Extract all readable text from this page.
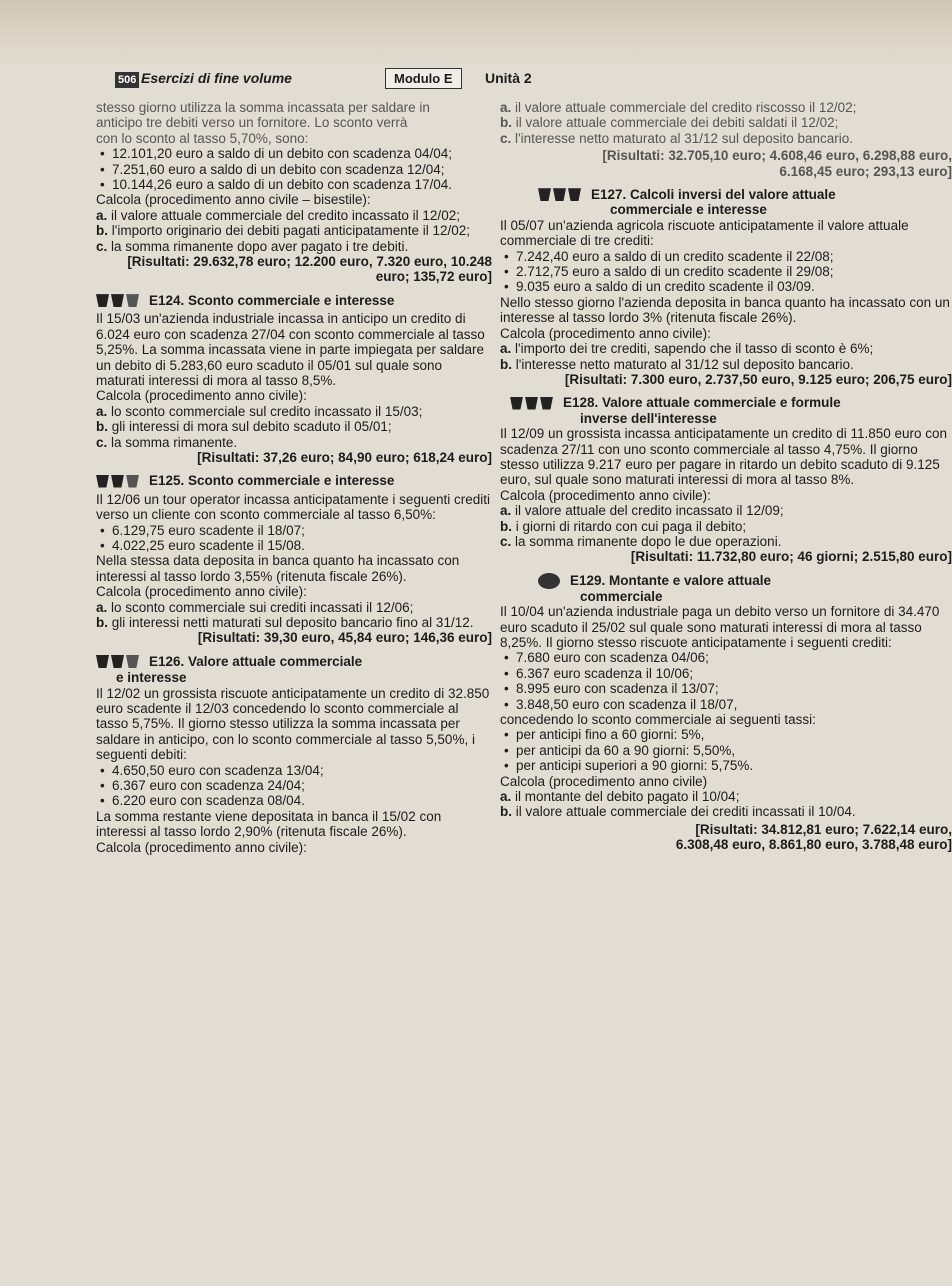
506 Esercizi di fine volume	Modulo E	Unità 2

stesso giorno utilizza la somma incassata per saldare in

anticipo tre debiti verso un fornitore. Lo sconto verrà

con lo sconto al tasso 5,70%, sono:

• 12.101,20 euro a saldo di un debito con scadenza 04/04;
• 7.251,60 euro a saldo di un debito con scadenza 12/04;
• 10.144,26 euro a saldo di un debito con scadenza 17/04.

Calcola (procedimento anno civile – bisestile):

a. il valore attuale commerciale del credito incassato il 12/02;

b. l'importo originario dei debiti pagati anticipatamente il 12/02;

c. la somma rimanente dopo aver pagato i tre debiti.

[Risultati: 29.632,78 euro; 12.200 euro, 7.320 euro, 10.248 euro; 135,72 euro]

E124. Sconto commerciale e interesse

Il 15/03 un'azienda industriale incassa in anticipo un credito di 6.024 euro con scadenza 27/04 con sconto commerciale al tasso 5,25%. La somma incassata viene in parte impiegata per saldare un debito di 5.283,60 euro scaduto il 05/01 sul quale sono maturati interessi di mora al tasso 8,5%.

Calcola (procedimento anno civile):

a. lo sconto commerciale sul credito incassato il 15/03;

b. gli interessi di mora sul debito scaduto il 05/01;

c. la somma rimanente.

[Risultati: 37,26 euro; 84,90 euro; 618,24 euro]

E125. Sconto commerciale e interesse

Il 12/06 un tour operator incassa anticipatamente i seguenti crediti verso un cliente con sconto commerciale al tasso 6,50%:

• 6.129,75 euro scadente il 18/07;
• 4.022,25 euro scadente il 15/08.

Nella stessa data deposita in banca quanto ha incassato con interessi al tasso lordo 3,55% (ritenuta fiscale 26%).

Calcola (procedimento anno civile):

a. lo sconto commerciale sui crediti incassati il 12/06;

b. gli interessi netti maturati sul deposito bancario fino al 31/12.

[Risultati: 39,30 euro, 45,84 euro; 146,36 euro]

E126. Valore attuale commerciale

e interesse

Il 12/02 un grossista riscuote anticipatamente un credito di 32.850 euro scadente il 12/03 concedendo lo sconto commerciale al tasso 5,75%. Il giorno stesso utilizza la somma incassata per saldare in anticipo, con lo sconto commerciale al tasso 5,50%, i seguenti debiti:

• 4.650,50 euro con scadenza 13/04;
• 6.367 euro con scadenza 24/04;
• 6.220 euro con scadenza 08/04.

La somma restante viene depositata in banca il 15/02 con interessi al tasso lordo 2,90% (ritenuta fiscale 26%).

Calcola (procedimento anno civile):

a. il valore attuale commerciale del credito riscosso il 12/02;

b. il valore attuale commerciale dei debiti saldati il 12/02;

c. l'interesse netto maturato al 31/12 sul deposito bancario.

[Risultati: 32.705,10 euro; 4.608,46 euro, 6.298,88 euro,

6.168,45 euro; 293,13 euro]

E127. Calcoli inversi del valore attuale

commerciale e interesse

Il 05/07 un'azienda agricola riscuote anticipatamente il valore attuale commerciale di tre crediti:

• 7.242,40 euro a saldo di un credito scadente il 22/08;
• 2.712,75 euro a saldo di un credito scadente il 29/08;
• 9.035 euro a saldo di un credito scadente il 03/09.

Nello stesso giorno l'azienda deposita in banca quanto ha incassato con un interesse al tasso lordo 3% (ritenuta fiscale 26%).

Calcola (procedimento anno civile):

a. l'importo dei tre crediti, sapendo che il tasso di sconto è 6%;

b. l'interesse netto maturato al 31/12 sul deposito bancario.

[Risultati: 7.300 euro, 2.737,50 euro, 9.125 euro; 206,75 euro]

E128. Valore attuale commerciale e formule

inverse dell'interesse

Il 12/09 un grossista incassa anticipatamente un credito di 11.850 euro con scadenza 27/11 con uno sconto commerciale al tasso 4,75%. Il giorno stesso utilizza 9.217 euro per pagare in ritardo un debito scaduto di 9.125 euro, sul quale sono maturati interessi di mora al tasso 8%.

Calcola (procedimento anno civile):

a. il valore attuale del credito incassato il 12/09;

b. i giorni di ritardo con cui paga il debito;

c. la somma rimanente dopo le due operazioni.

[Risultati: 11.732,80 euro; 46 giorni; 2.515,80 euro]

E129. Montante e valore attuale

commerciale

Il 10/04 un'azienda industriale paga un debito verso un fornitore di 34.470 euro scaduto il 25/02 sul quale sono maturati interessi di mora al tasso 8,25%. Il giorno stesso riscuote anticipatamente i seguenti crediti:

• 7.680 euro con scadenza 04/06;
• 6.367 euro scadenza il 10/06;
• 8.995 euro con scadenza il 13/07;
• 3.848,50 euro con scadenza il 18/07,

concedendo lo sconto commerciale ai seguenti tassi:

• per anticipi fino a 60 giorni: 5%,
• per anticipi da 60 a 90 giorni: 5,50%,
• per anticipi superiori a 90 giorni: 5,75%.

Calcola (procedimento anno civile)

a. il montante del debito pagato il 10/04;

b. il valore attuale commerciale dei crediti incassati il 10/04.

[Risultati: 34.812,81 euro; 7.622,14 euro,

6.308,48 euro, 8.861,80 euro, 3.788,48 euro]
